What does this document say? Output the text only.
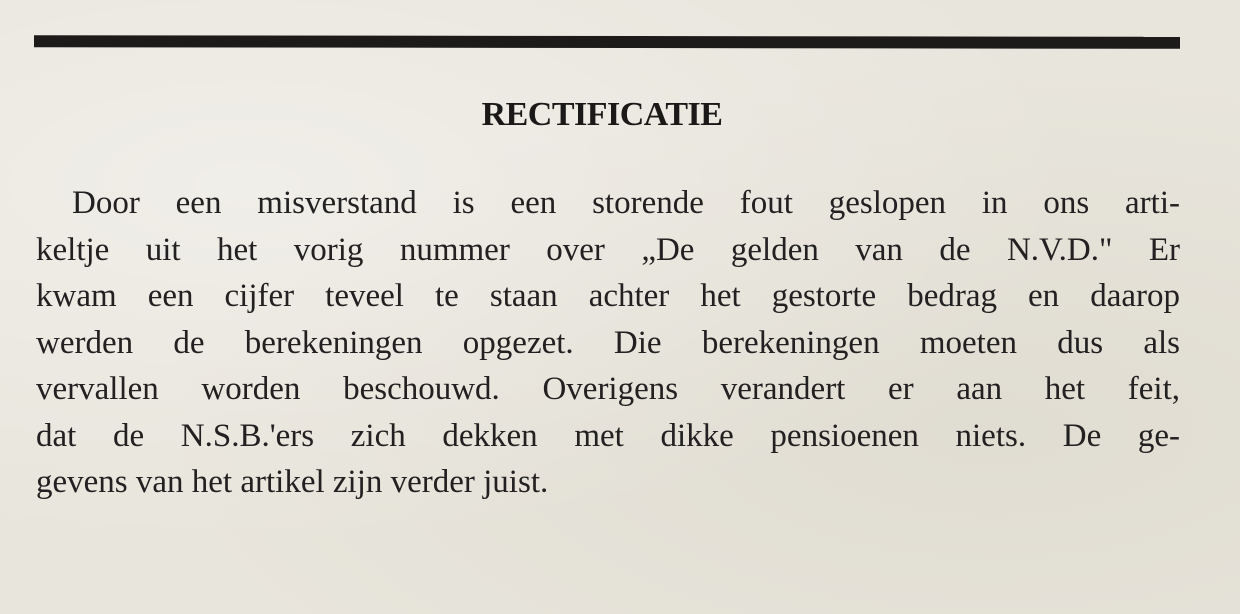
RECTIFICATIE

Door een misverstand is een storende fout geslopen in ons arti-
keltje uit het vorig nummer over „De gelden van de N.V.D." Er
kwam een cijfer teveel te staan achter het gestorte bedrag en daarop
werden de berekeningen opgezet. Die berekeningen moeten dus als
vervallen worden beschouwd. Overigens verandert er aan het feit,
dat de N.S.B.'ers zich dekken met dikke pensioenen niets. De ge-
gevens van het artikel zijn verder juist.
